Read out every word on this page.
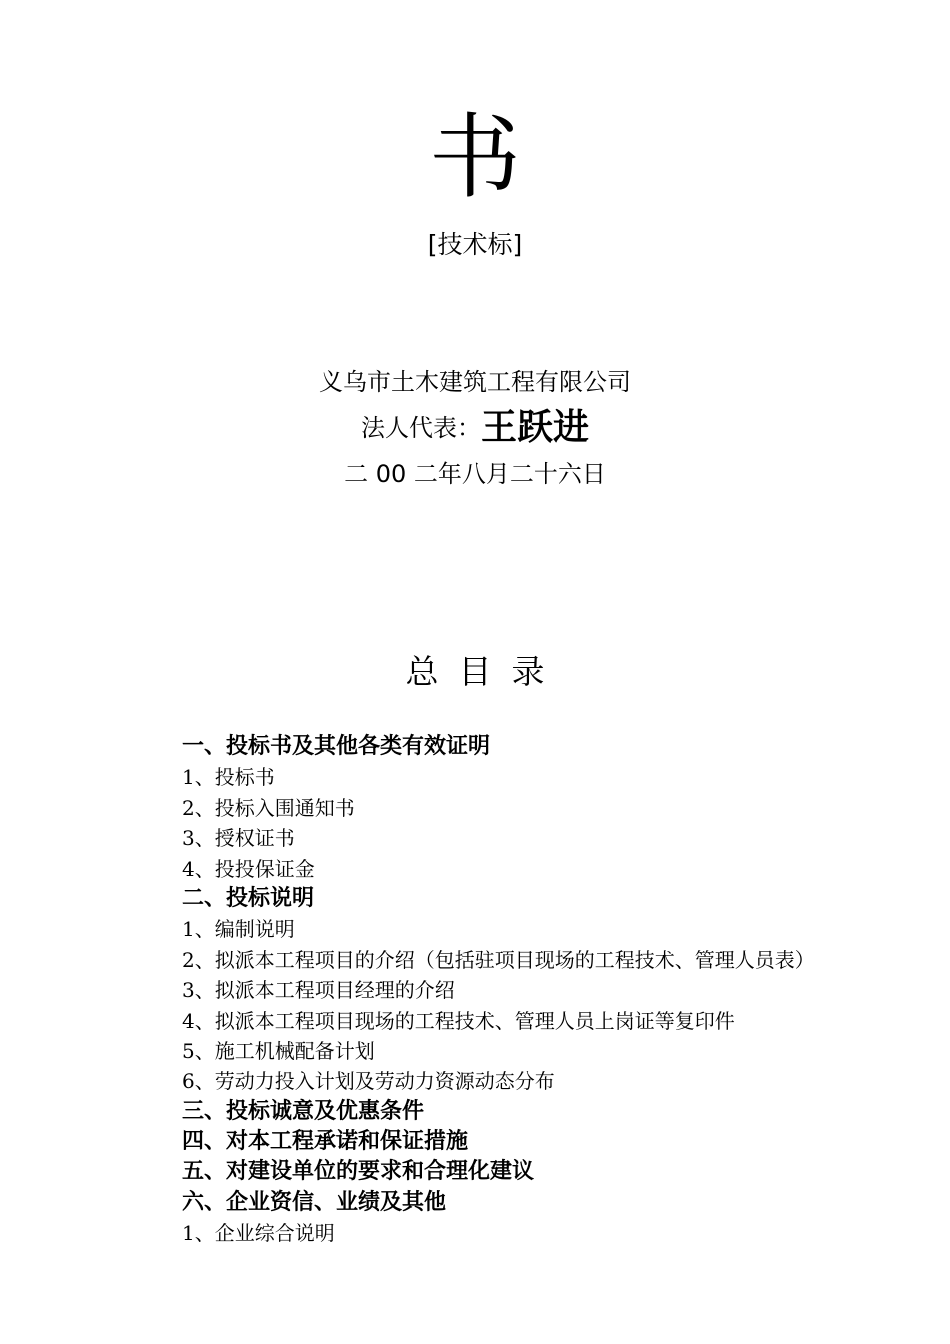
书
[技术标]
义乌市土木建筑工程有限公司
法人代表：王跃进
二 00 二年八月二十六日
总目录
一、投标书及其他各类有效证明
1、投标书
2、投标入围通知书
3、授权证书
4、投投保证金
二、投标说明
1、编制说明
2、拟派本工程项目的介绍（包括驻项目现场的工程技术、管理人员表）
3、拟派本工程项目经理的介绍
4、拟派本工程项目现场的工程技术、管理人员上岗证等复印件
5、施工机械配备计划
6、劳动力投入计划及劳动力资源动态分布
三、投标诚意及优惠条件
四、对本工程承诺和保证措施
五、对建设单位的要求和合理化建议
六、企业资信、业绩及其他
1、企业综合说明
